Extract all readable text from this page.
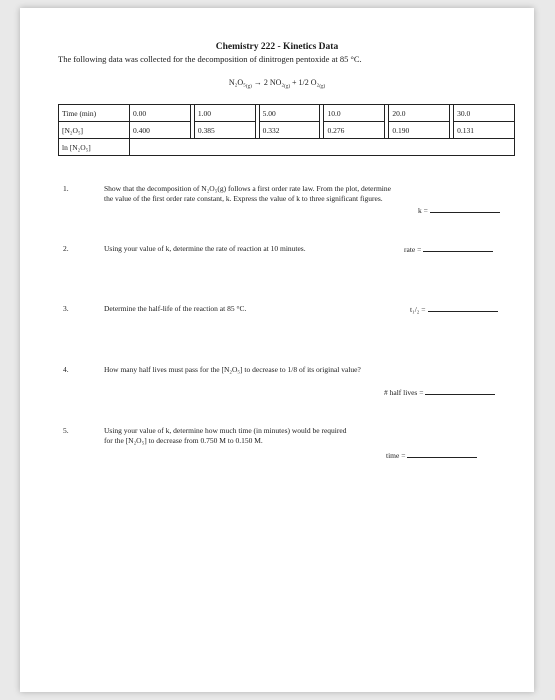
Chemistry 222 - Kinetics Data
The following data was collected for the decomposition of dinitrogen pentoxide at 85 °C.
$N_2O_5_{(g)} \to 2$ $NO_2_{(g)} + 1/2$ $O_2_{(g)}$
Time (min)	0.00		1.00		5.00		10.0		20.0		30.0
[N₂O₅]	0.400		0.385		0.332		0.276		0.190		0.131
ln [N₂O₅]											
1.	Show that the decomposition of N₂O₅(g) follows a first order rate law. From the plot, determine
the value of the first order rate constant, k. Express the value of k to three significant figures.
k =
2.	Using your value of k, determine the rate of reaction at 10 minutes.	rate =
3.	Determine the half-life of the reaction at 85 °C.	t₁/₂ =
4.	How many half lives must pass for the [N₂O₅] to decrease to 1/8 of its original value?
# half lives =
5.	Using your value of k, determine how much time (in minutes) would be required
for the [N₂O₅] to decrease from 0.750 M to 0.150 M.
time =
